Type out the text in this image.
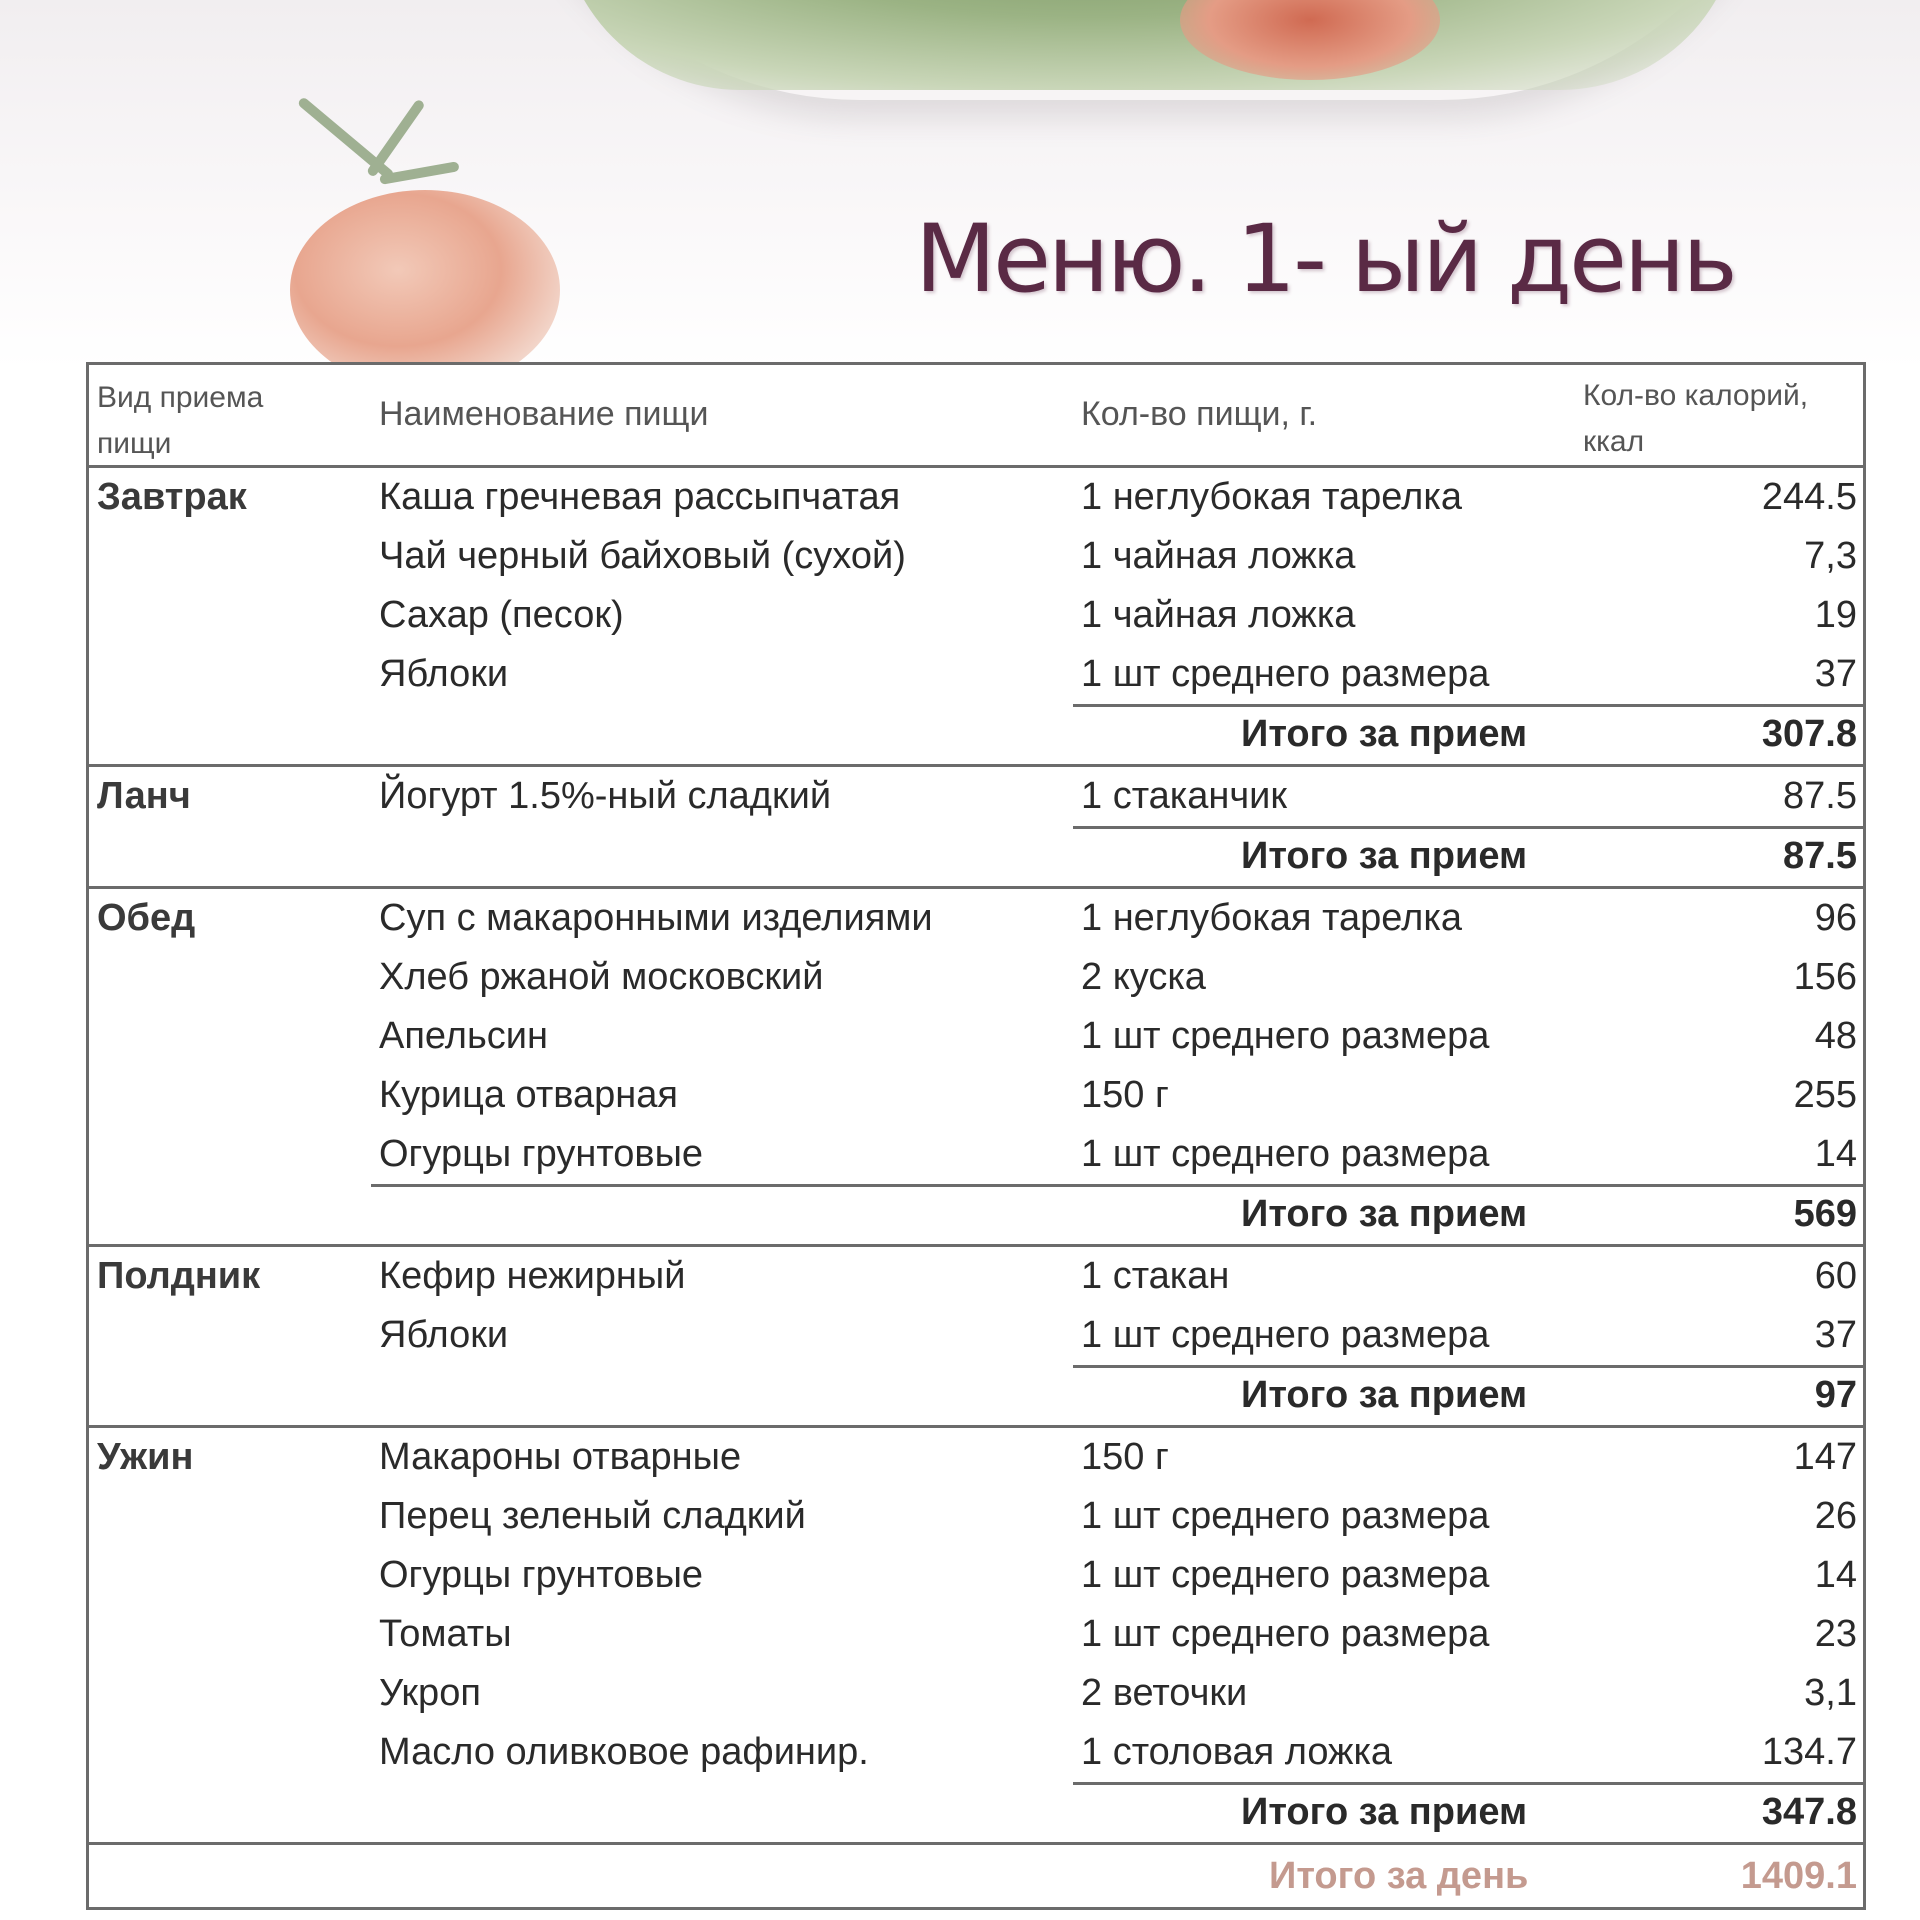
Меню. 1- ый день
Вид приема пищи
Наименование пищи	Кол-во пищи, г.	Кол-во калорий, ккал
Завтрак	Каша гречневая рассыпчатая	1 неглубокая тарелка	244.5
Чай черный байховый (сухой)	1 чайная ложка	7,3
Сахар (песок)	1 чайная ложка	19
Яблоки	1 шт среднего размера	37
Итого за прием	307.8
Ланч	Йогурт 1.5%-ный сладкий	1 стаканчик	87.5
Итого за прием	87.5
Обед	Суп с макаронными изделиями	1 неглубокая тарелка	96
Хлеб ржаной московский	2 куска	156
Апельсин	1 шт среднего размера	48
Курица отварная	150 г	255
Огурцы грунтовые	1 шт среднего размера	14
Итого за прием	569
Полдник	Кефир нежирный	1 стакан	60
Яблоки	1 шт среднего размера	37
Итого за прием	97
Ужин	Макароны отварные	150 г	147
Перец зеленый сладкий	1 шт среднего размера	26
Огурцы грунтовые	1 шт среднего размера	14
Томаты	1 шт среднего размера	23
Укроп	2 веточки	3,1
Масло оливковое рафинир.	1 столовая ложка	134.7
Итого за прием	347.8
Итого за день	1409.1
